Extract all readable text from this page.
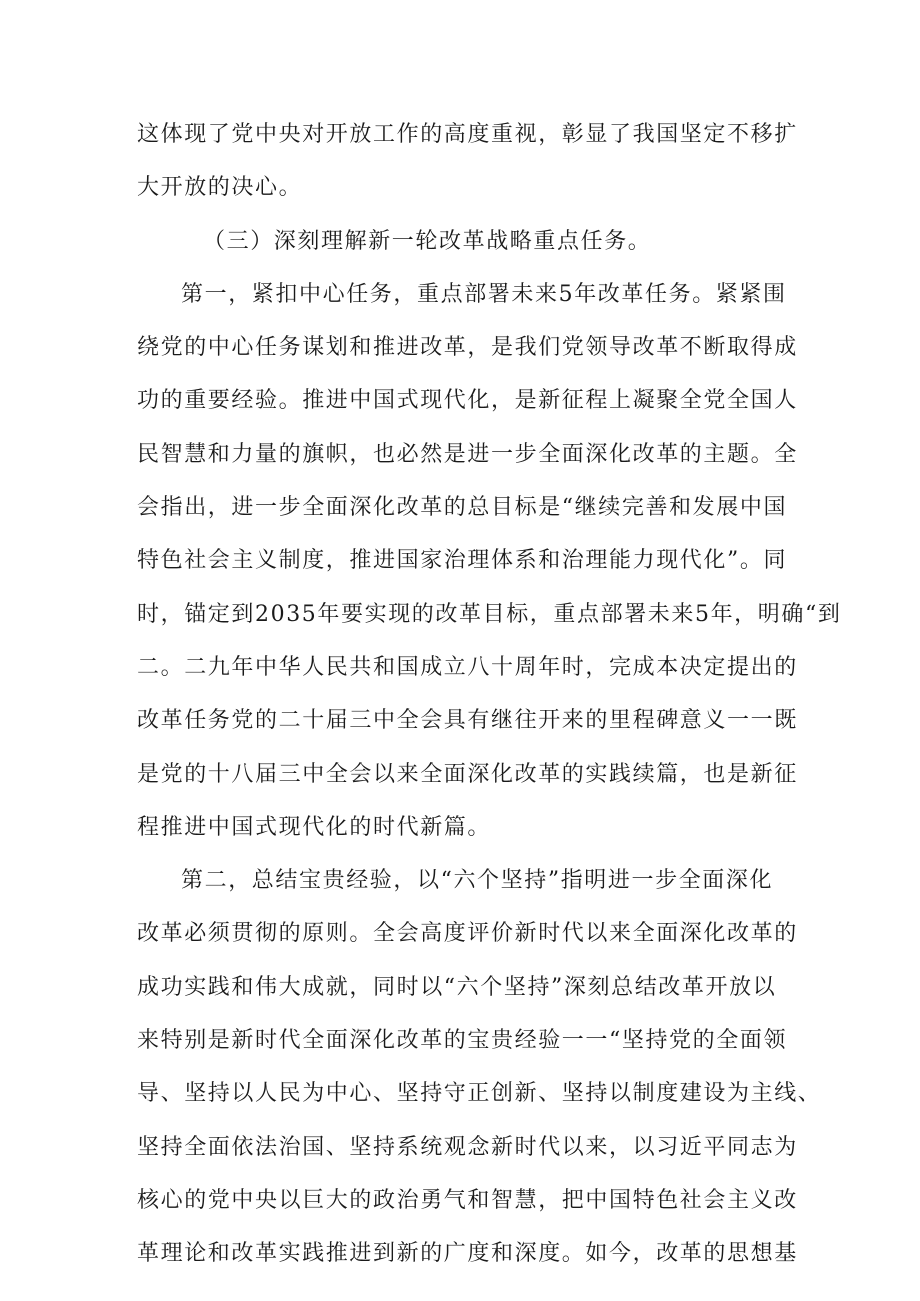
这体现了党中央对开放工作的高度重视，彰显了我国坚定不移扩
大开放的决心。
（三）深刻理解新一轮改革战略重点任务。
第一，紧扣中心任务，重点部署未来5年改革任务。紧紧围
绕党的中心任务谋划和推进改革，是我们党领导改革不断取得成
功的重要经验。推进中国式现代化，是新征程上凝聚全党全国人
民智慧和力量的旗帜，也必然是进一步全面深化改革的主题。全
会指出，进一步全面深化改革的总目标是“继续完善和发展中国
特色社会主义制度，推进国家治理体系和治理能力现代化”。同
时，锚定到2035年要实现的改革目标，重点部署未来5年，明确“到
二。二九年中华人民共和国成立八十周年时，完成本决定提出的
改革任务党的二十届三中全会具有继往开来的里程碑意义一一既
是党的十八届三中全会以来全面深化改革的实践续篇，也是新征
程推进中国式现代化的时代新篇。
第二，总结宝贵经验，以“六个坚持”指明进一步全面深化
改革必须贯彻的原则。全会高度评价新时代以来全面深化改革的
成功实践和伟大成就，同时以“六个坚持”深刻总结改革开放以
来特别是新时代全面深化改革的宝贵经验一一“坚持党的全面领
导、坚持以人民为中心、坚持守正创新、坚持以制度建设为主线、
坚持全面依法治国、坚持系统观念新时代以来，以习近平同志为
核心的党中央以巨大的政治勇气和智慧，把中国特色社会主义改
革理论和改革实践推进到新的广度和深度。如今，改革的思想基
